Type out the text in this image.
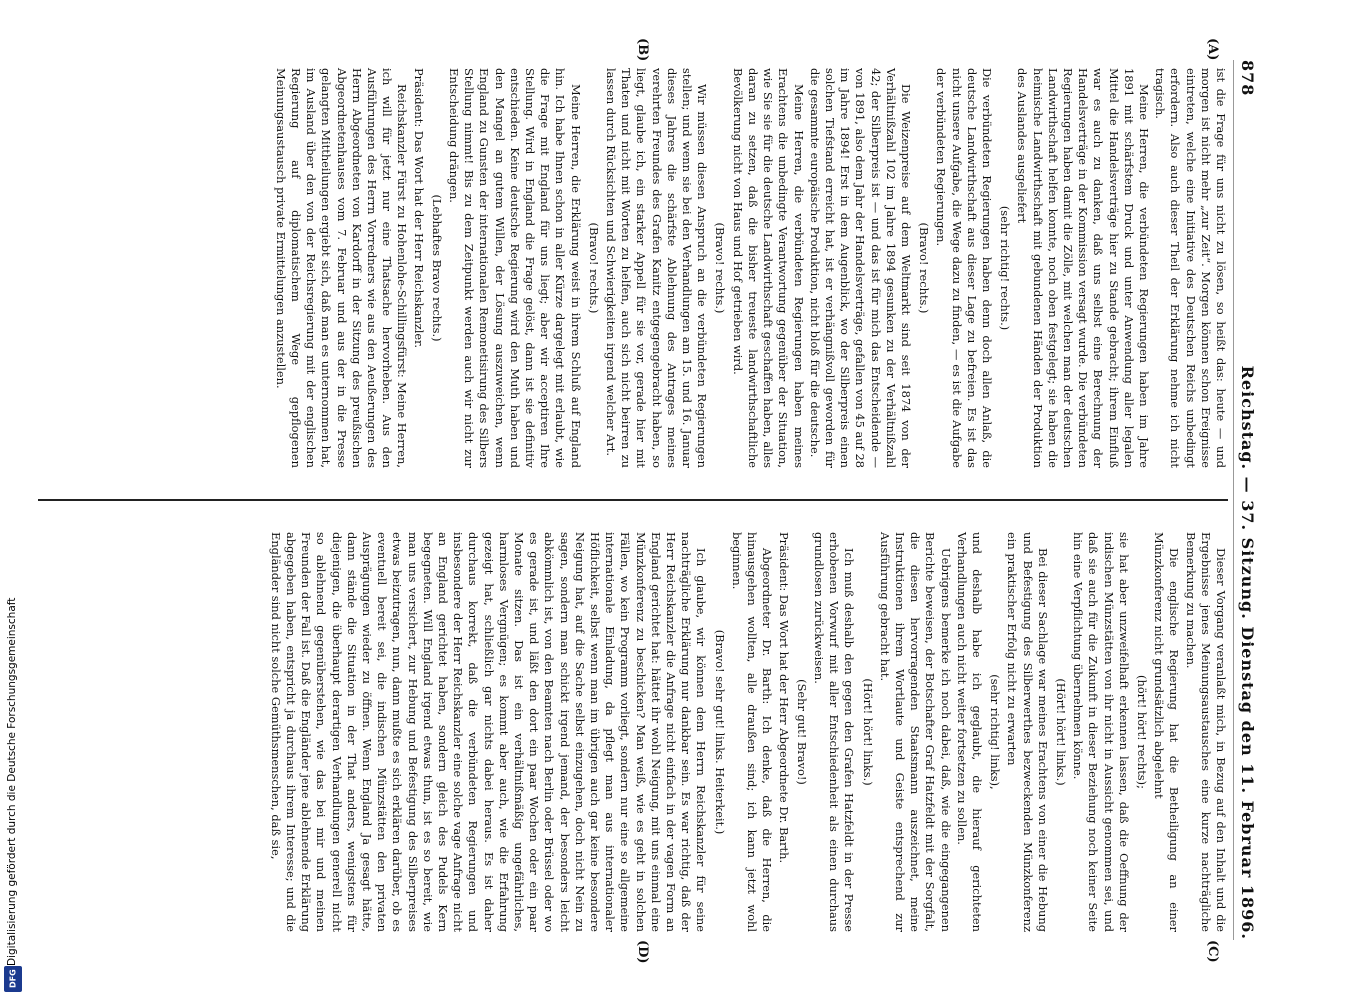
878
Reichstag. — 37. Sitzung. Dienstag den 11. Februar 1896.
(A)
(B)
(C)
(D)

ist die Frage für uns nicht zu lösen, so heißt das: heute — und morgen ist nicht mehr „zur Zeit“. Morgen können schon Ereignisse eintreten, welche eine Initiative des Deutschen Reichs unbedingt erfordern. Also auch dieser Theil der Erklärung nehme ich nicht tragisch.

Meine Herren, die verbündeten Regierungen haben im Jahre 1891 mit schärfstem Druck und unter Anwendung aller legalen Mittel die Handelsverträge hier zu Stande gebracht; ihrem Einfluß war es auch zu danken, daß uns selbst eine Berechnung der Handelsverträge in der Kommission versagt wurde. Die verbündeten Regierungen haben damit die Zölle, mit welchen man der deutschen Landwirthschaft helfen konnte, noch oben festgelegt; sie haben die heimische Landwirthschaft mit gebundenen Händen der Produktion des Auslandes ausgeliefert

(sehr richtig! rechts.)

Die verbündeten Regierungen haben denn doch allen Anlaß, die deutsche Landwirthschaft aus dieser Lage zu befreien. Es ist das nicht unsere Aufgabe, die Wege dazu zu finden, — es ist die Aufgabe der verbündeten Regierungen.

(Bravo! rechts.)

Die Weizenpreise auf dem Weltmarkt sind seit 1874 von der Verhältnißzahl 102 im Jahre 1894 gesunken zu der Verhältnißzahl 42; der Silberpreis ist — und das ist für mich das Entscheidende — von 1891, also dem Jahr der Handelsverträge, gefallen von 45 auf 28 im Jahre 1894! Erst in dem Augenblick, wo der Silberpreis einen solchen Tiefstand erreicht hat, ist er verhängnißvoll geworden für die gesammte europäische Produktion, nicht bloß für die deutsche.

Meine Herren, die verbündeten Regierungen haben meines Erachtens die unbedingte Verantwortung gegenüber der Situation, wie Sie sie für die deutsche Landwirthschaft geschaffen haben, alles daran zu setzen, daß die bisher treueste landwirthschaftliche Bevölkerung nicht von Haus und Hof getrieben wird.

(Bravo! rechts.)

Wir müssen diesen Anspruch an die verbündeten Regierungen stellen; und wenn sie bei den Verhandlungen am 15. und 16. Januar dieses Jahres die schärfste Ablehnung des Antrages meines verehrten Freundes des Grafen Kanitz entgegengebracht haben, so liegt, glaube ich, ein starker Appell für sie vor, gerade hier mit Thaten und nicht mit Worten zu helfen, auch sich nicht beirren zu lassen durch Rücksichten und Schwierigkeiten irgend welcher Art.

(Bravo! rechts.)

Meine Herren, die Erklärung weist in ihrem Schluß auf England hin. Ich habe Ihnen schon in aller Kürze dargelegt mit erlaubt, wie die Frage mit England für uns liegt; aber wir acceptiren Ihre Stellung. Wird in England die Frage gelöst, dann ist sie definitiv entschieden. Keine deutsche Regierung wird den Muth haben und den Mangel an gutem Willen, der Lösung auszuweichen, wenn England zu Gunsten der internationalen Remonetisirung des Silbers Stellung nimmt! Bis zu dem Zeitpunkt werden auch wir nicht zur Entscheidung drängen.

(Lebhaftes Bravo rechts.)

Präsident: Das Wort hat der Herr Reichskanzler.

Reichskanzler Fürst zu Hohenlohe-Schillingsfürst: Meine Herren, ich will für jetzt nur eine Thatsache hervorheben. Aus den Ausführungen des Herrn Vorredners wie aus den Aeußerungen des Herrn Abgeordneten von Kardorff in der Sitzung des preußischen Abgeordnetenhauses vom 7. Februar und aus der in die Presse gelangten Mittheilungen ergiebt sich, daß man es unternommen hat, im Ausland über den von der Reichsregierung mit der englischen Regierung auf diplomatischem Wege gepflogenen Meinungsaustausch private Ermittelungen anzustellen.

Dieser Vorgang veranlaßt mich, in Bezug auf den Inhalt und die Ergebnisse jenes Meinungsaustausches eine kurze nachträgliche Bemerkung zu machen.

Die englische Regierung hat die Betheiligung an einer Münzkonferenz nicht grundsätzlich abgelehnt

(hört! hört! rechts);

sie hat aber unzweifelhaft erkennen lassen, daß die Oeffnung der indischen Münzstätten von ihr nicht in Aussicht genommen sei, und daß sie auch für die Zukunft in dieser Beziehung noch keiner Seite hin eine Verpflichtung übernehmen könne.

(Hört! hört! links.)

Bei dieser Sachlage war meines Erachtens von einer die Hebung und Befestigung des Silberwerthes bezweckenden Münzkonferenz ein praktischer Erfolg nicht zu erwarten

(sehr richtig! links),

und deshalb habe ich geglaubt, die hierauf gerichteten Verhandlungen auch nicht weiter fortsetzen zu sollen.

Uebrigens bemerke ich noch dabei, daß, wie die eingegangenen Berichte beweisen, der Botschafter Graf Hatzfeldt mit der Sorgfalt, die diesen hervorragenden Staatsmann auszeichnet, meine Instruktionen ihrem Wortlaute und Geiste entsprechend zur Ausführung gebracht hat.

(Hört! hört! links.)

Ich muß deshalb den gegen den Grafen Hatzfeldt in der Presse erhobenen Vorwurf mit aller Entschiedenheit als einen durchaus grundlosen zurückweisen.

(Sehr gut! Bravo!)

Präsident: Das Wort hat der Herr Abgeordnete Dr. Barth.

Abgeordneter Dr. Barth: Ich denke, daß die Herren, die hinausgehen wollten, alle draußen sind; ich kann jetzt wohl beginnen.

(Bravo! sehr gut! links. Heiterkeit.)

Ich glaube, wir können dem Herrn Reichskanzler für seine nachträgliche Erklärung nur dankbar sein. Es war richtig, daß der Herr Reichskanzler die Anfrage nicht einfach in der vagen Form an England gerichtet hat: hättet ihr wohl Neigung, mit uns einmal eine Münzkonferenz zu beschicken? Man weiß, wie es geht in solchen Fällen, wo kein Programm vorliegt, sondern nur eine so allgemeine internationale Einladung, da pflegt man aus internationaler Höflichkeit, selbst wenn man im übrigen auch gar keine besondere Neigung hat, auf die Sache selbst einzugehen, doch nicht Nein zu sagen, sondern man schickt irgend jemand, der besonders leicht abkömmlich ist, von den Beamten nach Berlin oder Brüssel oder wo es gerade ist, und läßt den dort ein paar Wochen oder ein paar Monate sitzen. Das ist ein verhältnißmäßig ungefährliches, harmloses Vergnügen; es kommt aber auch, wie die Erfahrung gezeigt hat, schließlich gar nichts dabei heraus. Es ist daher durchaus korrekt, daß die verbündeten Regierungen und insbesondere der Herr Reichskanzler eine solche vage Anfrage nicht an England gerichtet haben, sondern gleich des Pudels Kern begegneten. Will England irgend etwas thun, ist es so bereit, wie man uns versichert, zur Hebung und Befestigung des Silberpreises etwas beizutragen, nun, dann mußte es sich erklären darüber, ob es eventuell bereit sei, die indischen Münzstätten den privaten Ausprägungen wieder zu öffnen. Wenn England Ja gesagt hätte, dann stände die Situation in der That anders, wenigstens für diejenigen, die überhaupt derartigen Verhandlungen generell nicht so ablehnend gegenüberstehen, wie das bei mir und meinen Freunden der Fall ist. Daß die Engländer jene ablehnende Erklärung abgegeben haben, entspricht ja durchaus ihrem Interesse; und die Engländer sind nicht solche Gemüthsmenschen, daß sie,

Digitalisierung gefördert durch die Deutsche Forschungsgemeinschaft
DFG
